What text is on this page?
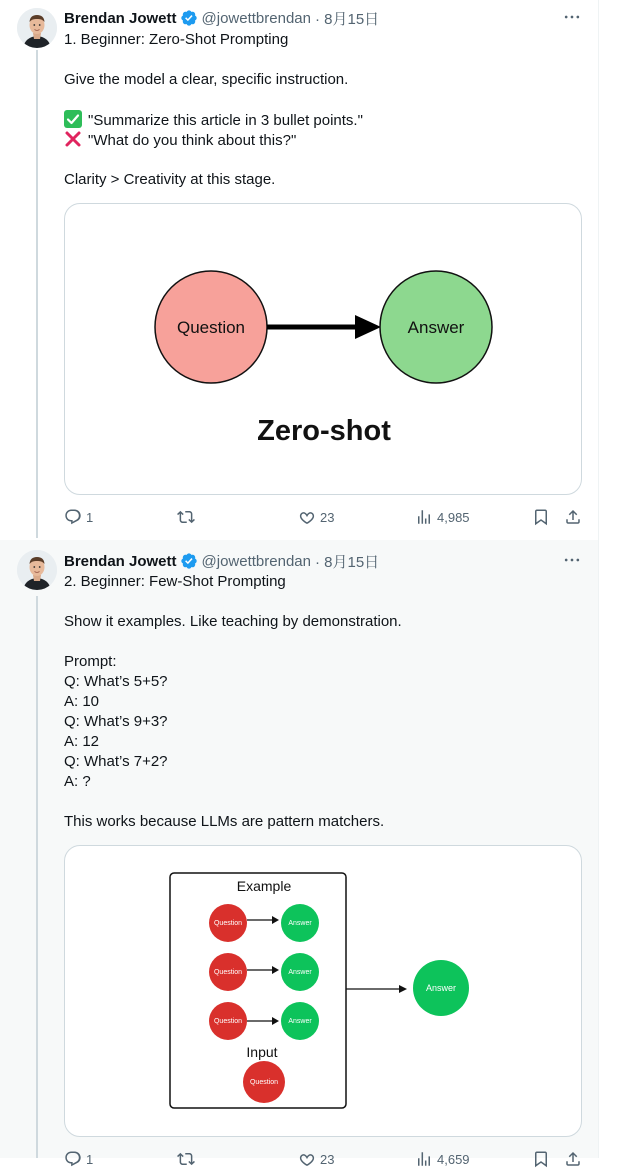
Brendan Jowett @jowettbrendan · 8月15日
1. Beginner: Zero-Shot Prompting
Give the model a clear, specific instruction.
"Summarize this article in 3 bullet points."
"What do you think about this?"
Clarity > Creativity at this stage.
Question	Answer
Zero-shot
1	23	4,985
Brendan Jowett @jowettbrendan · 8月15日
2. Beginner: Few-Shot Prompting
Show it examples. Like teaching by demonstration.
Prompt:
Q: What’s 5+5?
A: 10
Q: What’s 9+3?
A: 12
Q: What’s 7+2?
A: ?
This works because LLMs are pattern matchers.
Example
Question	Answer
Question	Answer
Question	Answer
Input
Question
Answer
1	23	4,659
